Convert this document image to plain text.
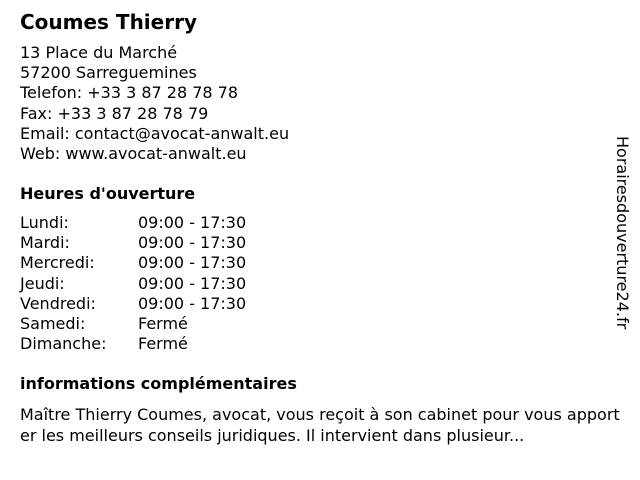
Coumes Thierry
13 Place du Marché
57200 Sarreguemines
Telefon: +33 3 87 28 78 78
Fax: +33 3 87 28 78 79
Email: contact@avocat-anwalt.eu
Web: www.avocat-anwalt.eu
Heures d'ouverture
Lundi:	09:00 - 17:30
Mardi:	09:00 - 17:30
Mercredi:	09:00 - 17:30
Jeudi:	09:00 - 17:30
Vendredi:	09:00 - 17:30
Samedi:	Fermé
Dimanche:	Fermé
informations complémentaires
Maître Thierry Coumes, avocat, vous reçoit à son cabinet pour vous apporter les meilleurs conseils juridiques. Il intervient dans plusieur...
Horairesdouverture24.fr
